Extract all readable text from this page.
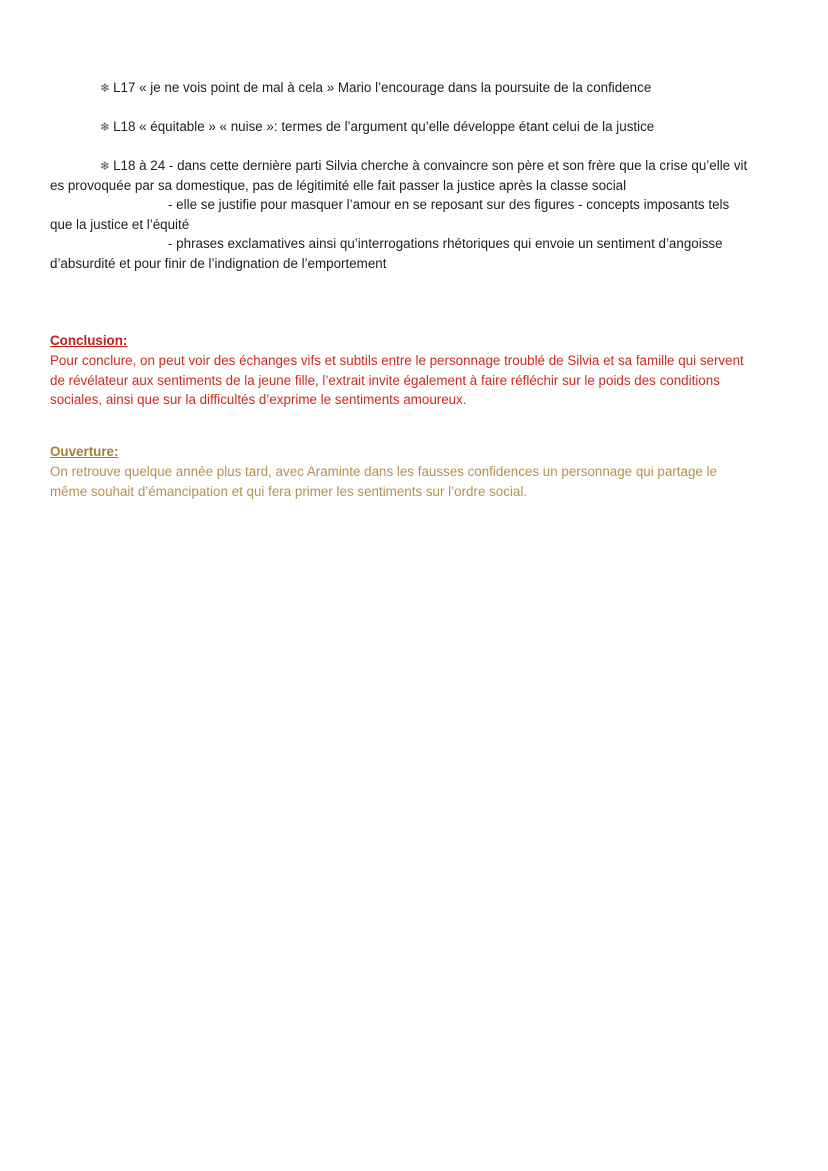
❄ L17 « je ne vois point de mal à cela » Mario l’encourage dans la poursuite de la confidence
❄ L18 « équitable » « nuise »: termes de l’argument qu’elle développe étant celui de la justice
❄ L18 à 24 - dans cette dernière parti Silvia cherche à convaincre son père et son frère que la crise qu’elle vit
es provoquée par sa domestique, pas de légitimité elle fait passer la justice après la classe social
- elle se justifie pour masquer l’amour en se reposant sur des figures - concepts imposants tels
que la justice et l’équité
- phrases exclamatives ainsi qu’interrogations rhétoriques qui envoie un sentiment d’angoisse
d’absurdité et pour finir de l’indignation de l’emportement
Conclusion:
Pour conclure, on peut voir des échanges vifs et subtils entre le personnage troublé de Silvia et sa famille qui servent
de révélateur aux sentiments de la jeune fille, l’extrait invite également à faire réfléchir sur le poids des conditions
sociales, ainsi que sur la difficultés d’exprime le sentiments amoureux.
Ouverture:
On retrouve quelque année plus tard, avec Araminte dans les fausses confidences un personnage qui partage le
même souhait d’émancipation et qui fera primer les sentiments sur l’ordre social.
